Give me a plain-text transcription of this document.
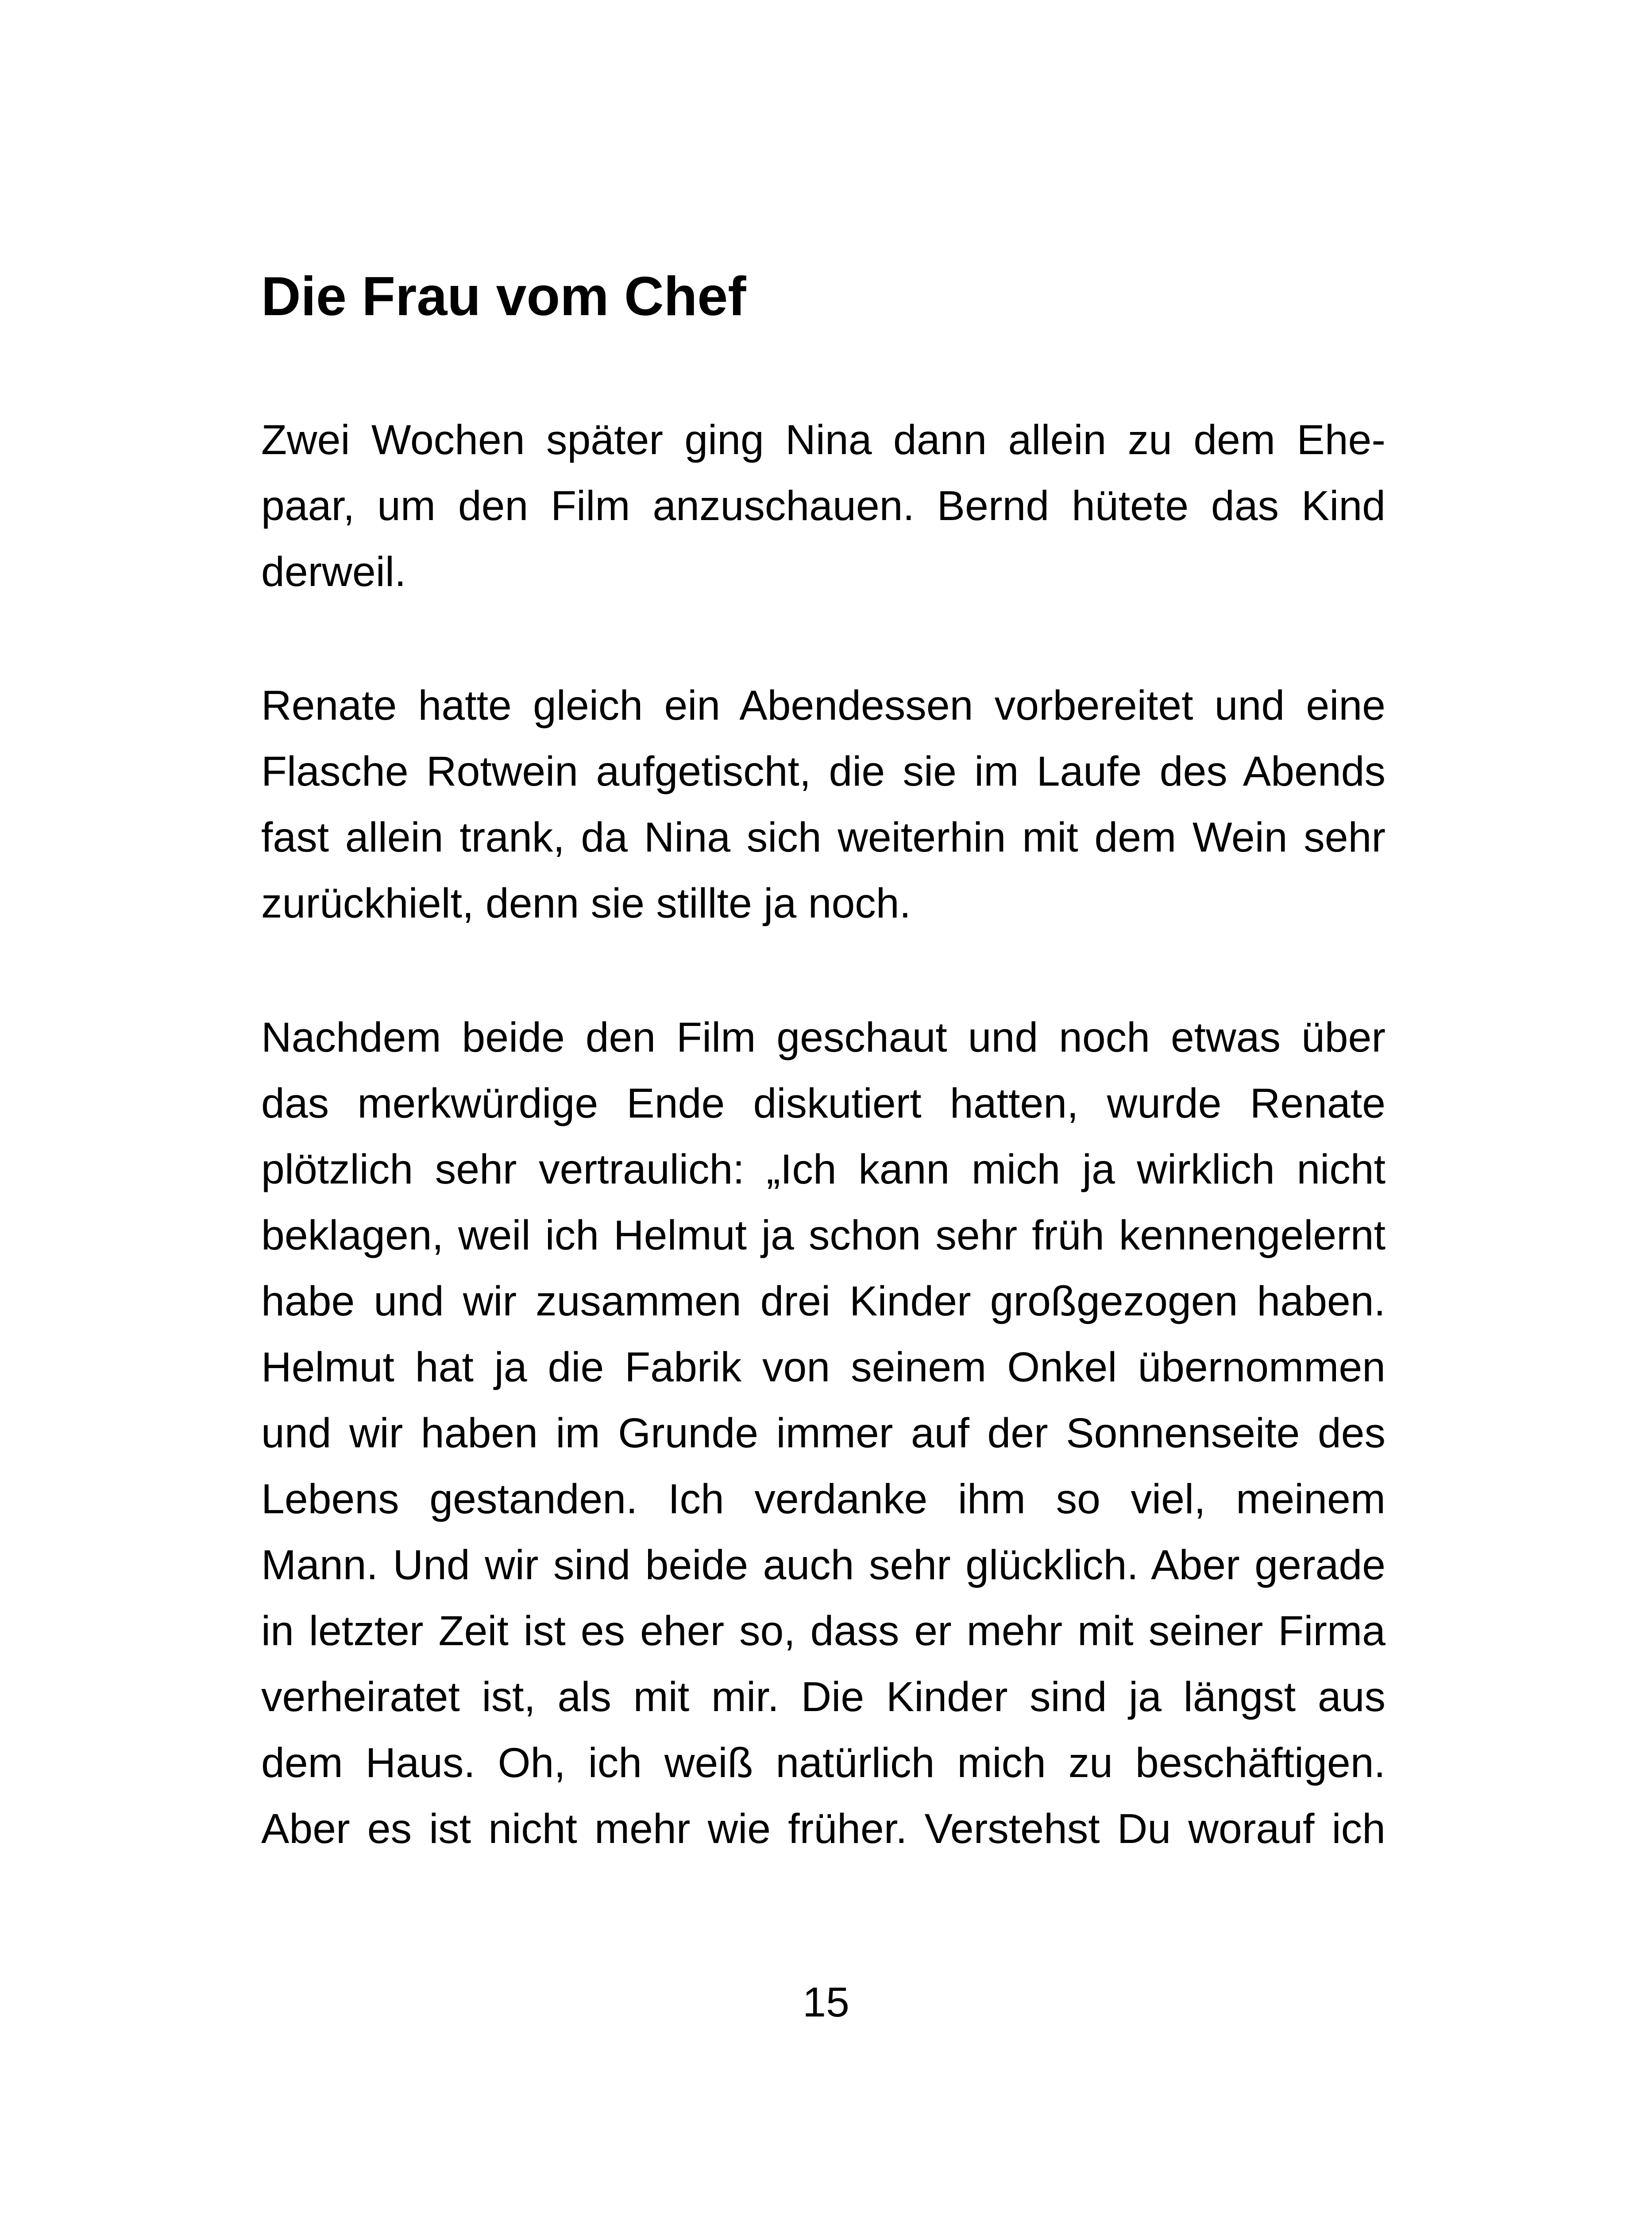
Die Frau vom Chef

Zwei Wochen später ging Nina dann allein zu dem Ehe-
paar, um den Film anzuschauen. Bernd hütete das Kind
derweil.

Renate hatte gleich ein Abendessen vorbereitet und eine
Flasche Rotwein aufgetischt, die sie im Laufe des Abends
fast allein trank, da Nina sich weiterhin mit dem Wein sehr
zurückhielt, denn sie stillte ja noch.

Nachdem beide den Film geschaut und noch etwas über
das merkwürdige Ende diskutiert hatten, wurde Renate
plötzlich sehr vertraulich: „Ich kann mich ja wirklich nicht
beklagen, weil ich Helmut ja schon sehr früh kennengelernt
habe und wir zusammen drei Kinder großgezogen haben.
Helmut hat ja die Fabrik von seinem Onkel übernommen
und wir haben im Grunde immer auf der Sonnenseite des
Lebens gestanden. Ich verdanke ihm so viel, meinem
Mann. Und wir sind beide auch sehr glücklich. Aber gerade
in letzter Zeit ist es eher so, dass er mehr mit seiner Firma
verheiratet ist, als mit mir. Die Kinder sind ja längst aus
dem Haus. Oh, ich weiß natürlich mich zu beschäftigen.
Aber es ist nicht mehr wie früher. Verstehst Du worauf ich

15
